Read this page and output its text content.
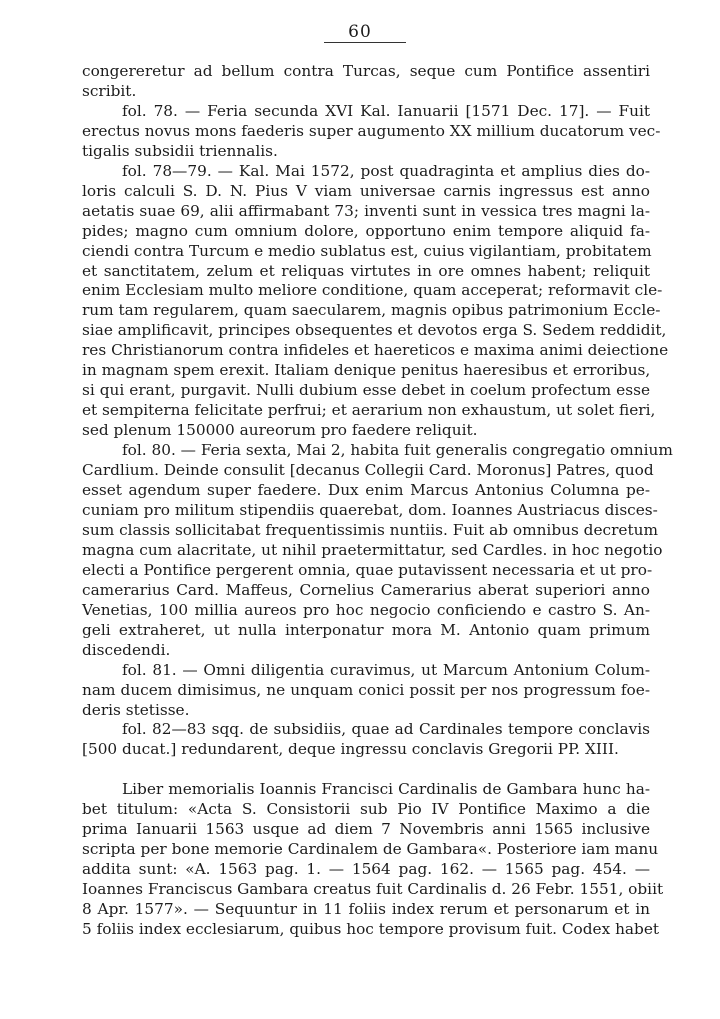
60
congereretur ad bellum contra Turcas, seque cum Pontifice assentiri
scribit.
fol. 78. — Feria secunda XVI Kal. Ianuarii [1571 Dec. 17]. — Fuit
erectus novus mons faederis super augumento XX millium ducatorum vec-
tigalis subsidii triennalis.
fol. 78—79. — Kal. Mai 1572, post quadraginta et amplius dies do-
loris calculi S. D. N. Pius V viam universae carnis ingressus est anno
aetatis suae 69, alii affirmabant 73; inventi sunt in vessica tres magni la-
pides; magno cum omnium dolore, opportuno enim tempore aliquid fa-
ciendi contra Turcum e medio sublatus est, cuius vigilantiam, probitatem
et sanctitatem, zelum et reliquas virtutes in ore omnes habent; reliquit
enim Ecclesiam multo meliore conditione, quam acceperat; reformavit cle-
rum tam regularem, quam saecularem, magnis opibus patrimonium Eccle-
siae amplificavit, principes obsequentes et devotos erga S. Sedem reddidit,
res Christianorum contra infideles et haereticos e maxima animi deiectione
in magnam spem erexit. Italiam denique penitus haeresibus et erroribus,
si qui erant, purgavit. Nulli dubium esse debet in coelum profectum esse
et sempiterna felicitate perfrui; et aerarium non exhaustum, ut solet fieri,
sed plenum 150000 aureorum pro faedere reliquit.
fol. 80. — Feria sexta, Mai 2, habita fuit generalis congregatio omnium
Cardlium. Deinde consulit [decanus Collegii Card. Moronus] Patres, quod
esset agendum super faedere. Dux enim Marcus Antonius Columna pe-
cuniam pro militum stipendiis quaerebat, dom. Ioannes Austriacus disces-
sum classis sollicitabat frequentissimis nuntiis. Fuit ab omnibus decretum
magna cum alacritate, ut nihil praetermittatur, sed Cardles. in hoc negotio
electi a Pontifice pergerent omnia, quae putavissent necessaria et ut pro-
camerarius Card. Maffeus, Cornelius Camerarius aberat superiori anno
Venetias, 100 millia aureos pro hoc negocio conficiendo e castro S. An-
geli extraheret, ut nulla interponatur mora M. Antonio quam primum
discedendi.
fol. 81. — Omni diligentia curavimus, ut Marcum Antonium Colum-
nam ducem dimisimus, ne unquam conici possit per nos progressum foe-
deris stetisse.
fol. 82—83 sqq. de subsidiis, quae ad Cardinales tempore conclavis
[500 ducat.] redundarent, deque ingressu conclavis Gregorii PP. XIII.
Liber memorialis Ioannis Francisci Cardinalis de Gambara hunc ha-
bet titulum: «Acta S. Consistorii sub Pio IV Pontifice Maximo a die
prima Ianuarii 1563 usque ad diem 7 Novembris anni 1565 inclusive
scripta per bone memorie Cardinalem de Gambara«. Posteriore iam manu
addita sunt: «A. 1563 pag. 1. — 1564 pag. 162. — 1565 pag. 454. —
Ioannes Franciscus Gambara creatus fuit Cardinalis d. 26 Febr. 1551, obiit
8 Apr. 1577». — Sequuntur in 11 foliis index rerum et personarum et in
5 foliis index ecclesiarum, quibus hoc tempore provisum fuit. Codex habet
